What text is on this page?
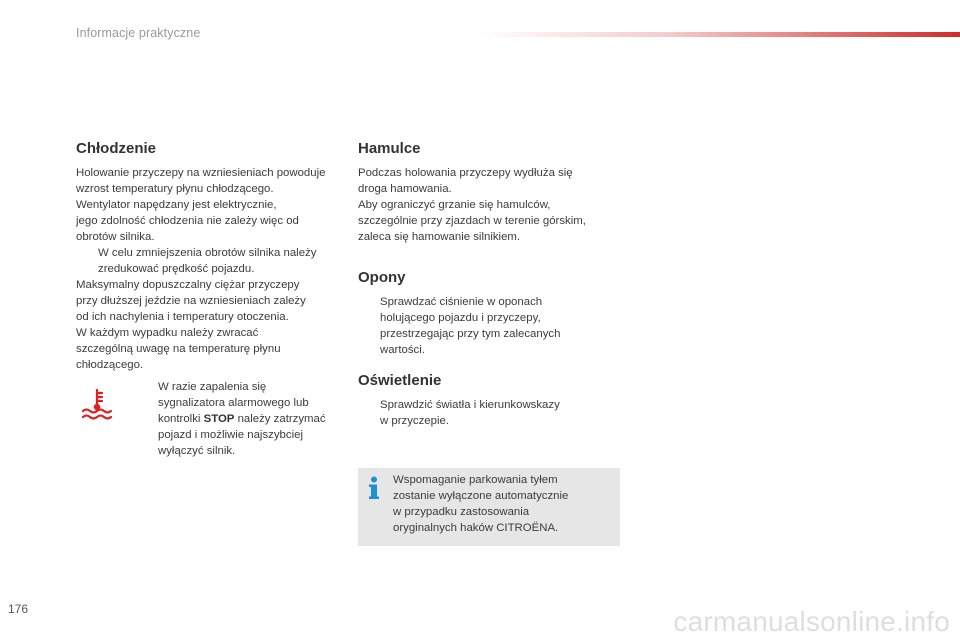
Informacje praktyczne
Chłodzenie

Holowanie przyczepy na wzniesieniach powoduje
wzrost temperatury płynu chłodzącego.
Wentylator napędzany jest elektrycznie,
jego zdolność chłodzenia nie zależy więc od
obrotów silnika.

W celu zmniejszenia obrotów silnika należy
zredukować prędkość pojazdu.

Maksymalny dopuszczalny ciężar przyczepy
przy dłuższej jeździe na wzniesieniach zależy
od ich nachylenia i temperatury otoczenia.
W każdym wypadku należy zwracać
szczególną uwagę na temperaturę płynu
chłodzącego.

W razie zapalenia się
sygnalizatora alarmowego lub
kontrolki STOP należy zatrzymać
pojazd i możliwie najszybciej
wyłączyć silnik.
Hamulce

Podczas holowania przyczepy wydłuża się
droga hamowania.
Aby ograniczyć grzanie się hamulców,
szczególnie przy zjazdach w terenie górskim,
zaleca się hamowanie silnikiem.

Opony
Sprawdzać ciśnienie w oponach
holującego pojazdu i przyczepy,
przestrzegając przy tym zalecanych
wartości.
Oświetlenie
Sprawdzić światła i kierunkowskazy
w przyczepie.
Wspomaganie parkowania tyłem
zostanie wyłączone automatycznie
w przypadku zastosowania
oryginalnych haków CITROËNA.
176	carmanualsonline.info
